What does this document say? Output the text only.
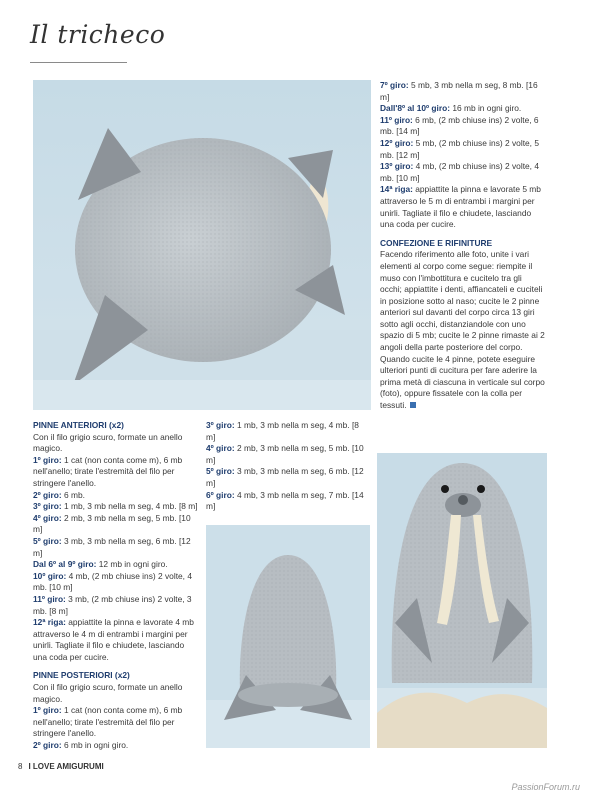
Il tricheco

7º giro: 5 mb, 3 mb nella m seg, 8 mb. [16 m]

Dall'8º al 10º giro: 16 mb in ogni giro.

11º giro: 6 mb, (2 mb chiuse ins) 2 volte, 6 mb. [14 m]

12º giro: 5 mb, (2 mb chiuse ins) 2 volte, 5 mb. [12 m]

13º giro: 4 mb, (2 mb chiuse ins) 2 volte, 4 mb. [10 m]

14ª riga: appiattite la pinna e lavorate 5 mb attraverso le 5 m di entrambi i margini per unirli. Tagliate il filo e chiudete, lasciando una coda per cucire.

CONFEZIONE E RIFINITURE

Facendo riferimento alle foto, unite i vari elementi al corpo come segue: riempite il muso con l'imbottitura e cucitelo tra gli occhi; appiattite i denti, affiancateli e cuciteli in posizione sotto al naso; cucite le 2 pinne anteriori sul davanti del corpo circa 13 giri sotto agli occhi, distanziandole con uno spazio di 5 mb; cucite le 2 pinne rimaste ai 2 angoli della parte posteriore del corpo.

Quando cucite le 4 pinne, potete eseguire ulteriori punti di cucitura per fare aderire la prima metà di ciascuna in verticale sul corpo (foto), oppure fissatele con la colla per tessuti.

PINNE ANTERIORI (x2)

Con il filo grigio scuro, formate un anello magico.

1º giro: 1 cat (non conta come m), 6 mb nell'anello; tirate l'estremità del filo per stringere l'anello.

2º giro: 6 mb.

3º giro: 1 mb, 3 mb nella m seg, 4 mb. [8 m]

4º giro: 2 mb, 3 mb nella m seg, 5 mb. [10 m]

5º giro: 3 mb, 3 mb nella m seg, 6 mb. [12 m]

Dal 6º al 9º giro: 12 mb in ogni giro.

10º giro: 4 mb, (2 mb chiuse ins) 2 volte, 4 mb. [10 m]

11º giro: 3 mb, (2 mb chiuse ins) 2 volte, 3 mb. [8 m]

12ª riga: appiattite la pinna e lavorate 4 mb attraverso le 4 m di entrambi i margini per unirli. Tagliate il filo e chiudete, lasciando una coda per cucire.

PINNE POSTERIORI (x2)

Con il filo grigio scuro, formate un anello magico.

1º giro: 1 cat (non conta come m), 6 mb nell'anello; tirate l'estremità del filo per stringere l'anello.

2º giro: 6 mb in ogni giro.

3º giro: 1 mb, 3 mb nella m seg, 4 mb. [8 m]

4º giro: 2 mb, 3 mb nella m seg, 5 mb. [10 m]

5º giro: 3 mb, 3 mb nella m seg, 6 mb. [12 m]

6º giro: 4 mb, 3 mb nella m seg, 7 mb. [14 m]

8 I LOVE AMIGURUMI
PassionForum.ru
